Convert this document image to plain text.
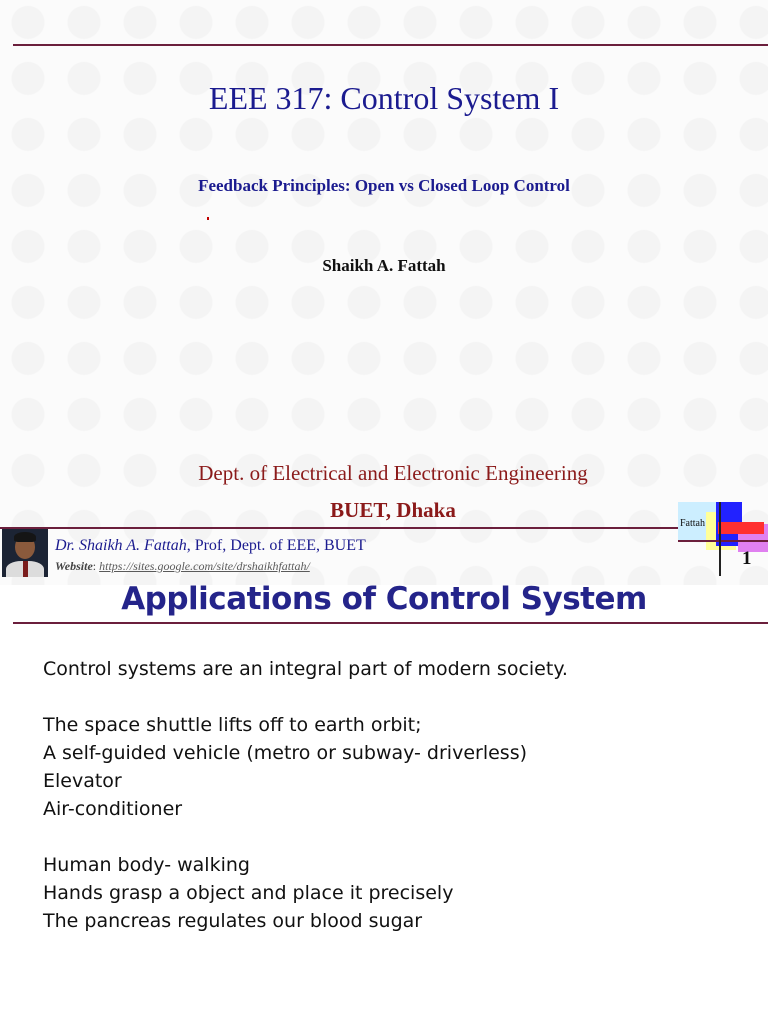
EEE 317: Control System I
Feedback Principles: Open vs Closed Loop Control
Shaikh A. Fattah
Dept. of Electrical and Electronic Engineering
BUET, Dhaka
Dr. Shaikh A. Fattah, Prof, Dept. of EEE, BUET
Website: https://sites.google.com/site/drshaikhfattah/
Fattah
1
Applications of Control System
Control systems are an integral part of modern society.
The space shuttle lifts off to earth orbit;
A self-guided vehicle (metro or subway- driverless)
Elevator
Air-conditioner
Human body- walking
Hands grasp a object and place it precisely
The pancreas regulates our blood sugar
